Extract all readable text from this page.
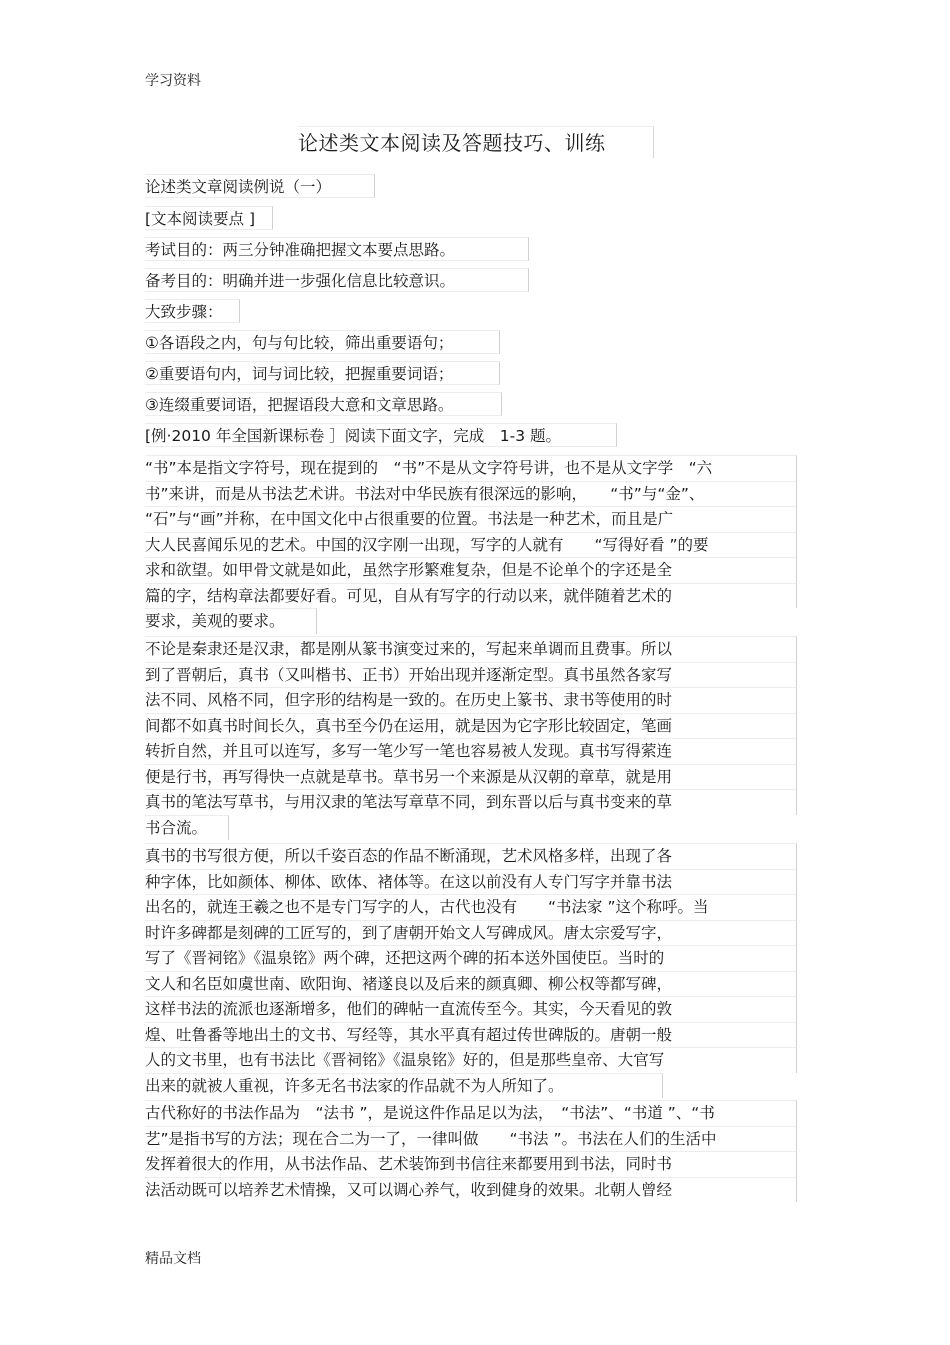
学习资料
论述类文本阅读及答题技巧、训练
论述类文章阅读例说（一）
[文本阅读要点 ]
考试目的：两三分钟准确把握文本要点思路。
备考目的：明确并进一步强化信息比较意识。
大致步骤：
①各语段之内，句与句比较，筛出重要语句；
②重要语句内，词与词比较，把握重要词语；
③连缀重要词语，把握语段大意和文章思路。
[例·2010 年全国新课标卷 ］阅读下面文字，完成　1-3 题。
“书”本是指文字符号，现在提到的　“书”不是从文字符号讲，也不是从文字学　“六
书”来讲，而是从书法艺术讲。书法对中华民族有很深远的影响，　　“书”与“金”、
“石”与“画”并称，在中国文化中占很重要的位置。书法是一种艺术，而且是广
大人民喜闻乐见的艺术。中国的汉字刚一出现，写字的人就有　　“写得好看 ”的要
求和欲望。如甲骨文就是如此，虽然字形繁难复杂，但是不论单个的字还是全
篇的字，结构章法都要好看。可见，自从有写字的行动以来，就伴随着艺术的
要求，美观的要求。
不论是秦隶还是汉隶，都是刚从篆书演变过来的，写起来单调而且费事。所以
到了晋朝后，真书（又叫楷书、正书）开始出现并逐渐定型。真书虽然各家写
法不同、风格不同，但字形的结构是一致的。在历史上篆书、隶书等使用的时
间都不如真书时间长久，真书至今仍在运用，就是因为它字形比较固定，笔画
转折自然，并且可以连写，多写一笔少写一笔也容易被人发现。真书写得萦连
便是行书，再写得快一点就是草书。草书另一个来源是从汉朝的章草，就是用
真书的笔法写草书，与用汉隶的笔法写章草不同，到东晋以后与真书变来的草
书合流。
真书的书写很方便，所以千姿百态的作品不断涌现，艺术风格多样，出现了各
种字体，比如颜体、柳体、欧体、褚体等。在这以前没有人专门写字并靠书法
出名的，就连王羲之也不是专门写字的人，古代也没有　　“书法家 ”这个称呼。当
时许多碑都是刻碑的工匠写的，到了唐朝开始文人写碑成风。唐太宗爱写字，
写了《晋祠铭》《温泉铭》两个碑，还把这两个碑的拓本送外国使臣。当时的
文人和名臣如虞世南、欧阳询、褚遂良以及后来的颜真卿、柳公权等都写碑，
这样书法的流派也逐渐增多，他们的碑帖一直流传至今。其实，今天看见的敦
煌、吐鲁番等地出土的文书、写经等，其水平真有超过传世碑版的。唐朝一般
人的文书里，也有书法比《晋祠铭》《温泉铭》好的，但是那些皇帝、大官写
出来的就被人重视，许多无名书法家的作品就不为人所知了。
古代称好的书法作品为　“法书 ”，是说这件作品足以为法，　“书法”、“书道 ”、“书
艺”是指书写的方法；现在合二为一了，一律叫做　　“书法 ”。书法在人们的生活中
发挥着很大的作用，从书法作品、艺术装饰到书信往来都要用到书法，同时书
法活动既可以培养艺术情操，又可以调心养气，收到健身的效果。北朝人曾经
精品文档
